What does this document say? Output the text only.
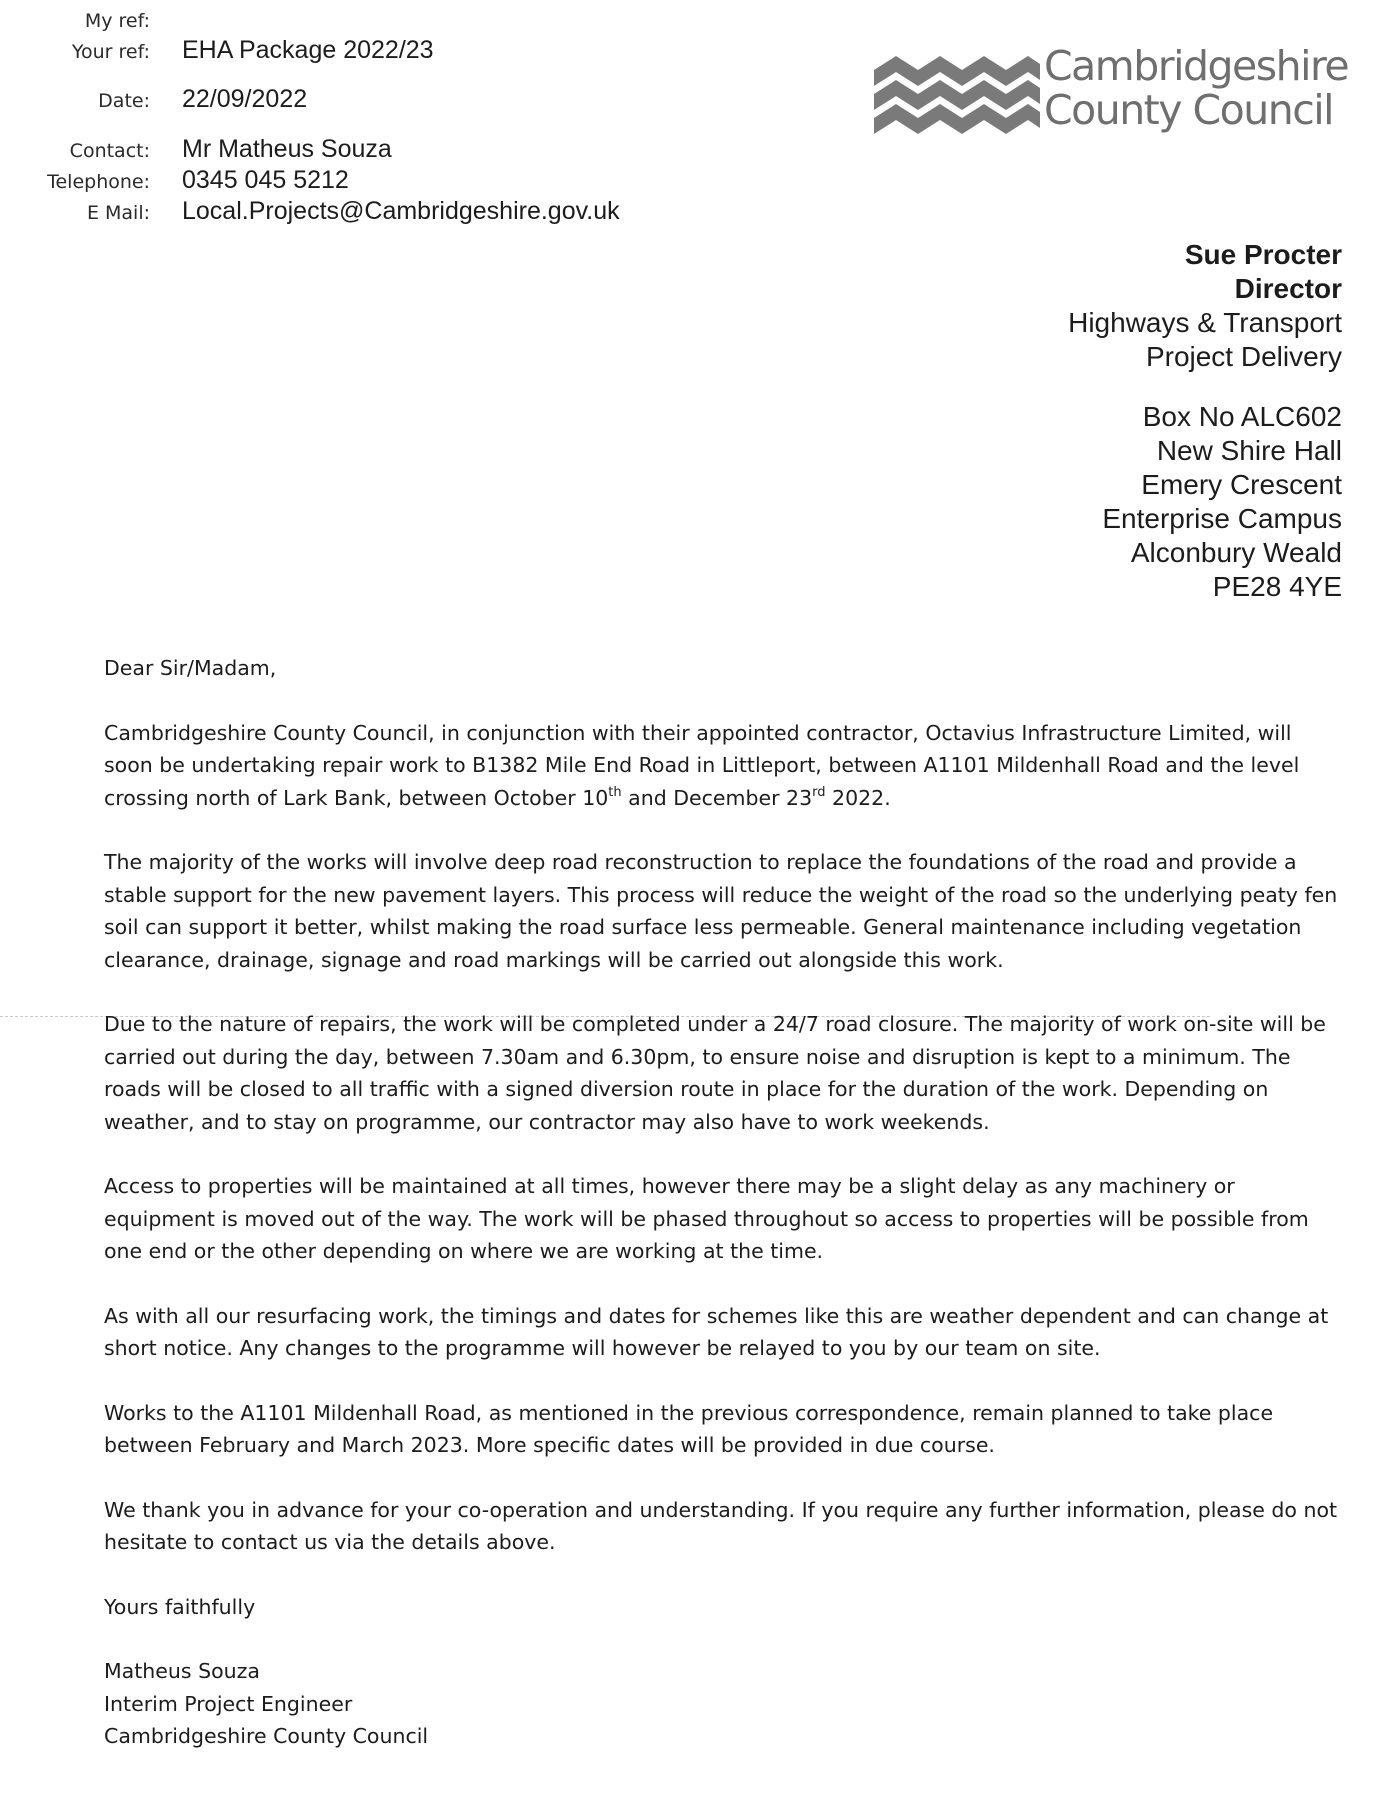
My ref:
Your ref: EHA Package 2022/23
Date: 22/09/2022
Contact: Mr Matheus Souza
Telephone: 0345 045 5212
E Mail: Local.Projects@Cambridgeshire.gov.uk
Cambridgeshire
County Council
Sue Procter
Director
Highways & Transport
Project Delivery
Box No ALC602
New Shire Hall
Emery Crescent
Enterprise Campus
Alconbury Weald
PE28 4YE

Dear Sir/Madam,

Cambridgeshire County Council, in conjunction with their appointed contractor, Octavius Infrastructure Limited, will soon be undertaking repair work to B1382 Mile End Road in Littleport, between A1101 Mildenhall Road and the level crossing north of Lark Bank, between October 10th and December 23rd 2022.

The majority of the works will involve deep road reconstruction to replace the foundations of the road and provide a stable support for the new pavement layers. This process will reduce the weight of the road so the underlying peaty fen soil can support it better, whilst making the road surface less permeable. General maintenance including vegetation clearance, drainage, signage and road markings will be carried out alongside this work.

Due to the nature of repairs, the work will be completed under a 24/7 road closure. The majority of work on-site will be carried out during the day, between 7.30am and 6.30pm, to ensure noise and disruption is kept to a minimum. The roads will be closed to all traffic with a signed diversion route in place for the duration of the work. Depending on weather, and to stay on programme, our contractor may also have to work weekends.

Access to properties will be maintained at all times, however there may be a slight delay as any machinery or equipment is moved out of the way. The work will be phased throughout so access to properties will be possible from one end or the other depending on where we are working at the time.

As with all our resurfacing work, the timings and dates for schemes like this are weather dependent and can change at short notice. Any changes to the programme will however be relayed to you by our team on site.

Works to the A1101 Mildenhall Road, as mentioned in the previous correspondence, remain planned to take place between February and March 2023. More specific dates will be provided in due course.

We thank you in advance for your co-operation and understanding. If you require any further information, please do not hesitate to contact us via the details above.

Yours faithfully

Matheus Souza
Interim Project Engineer
Cambridgeshire County Council
